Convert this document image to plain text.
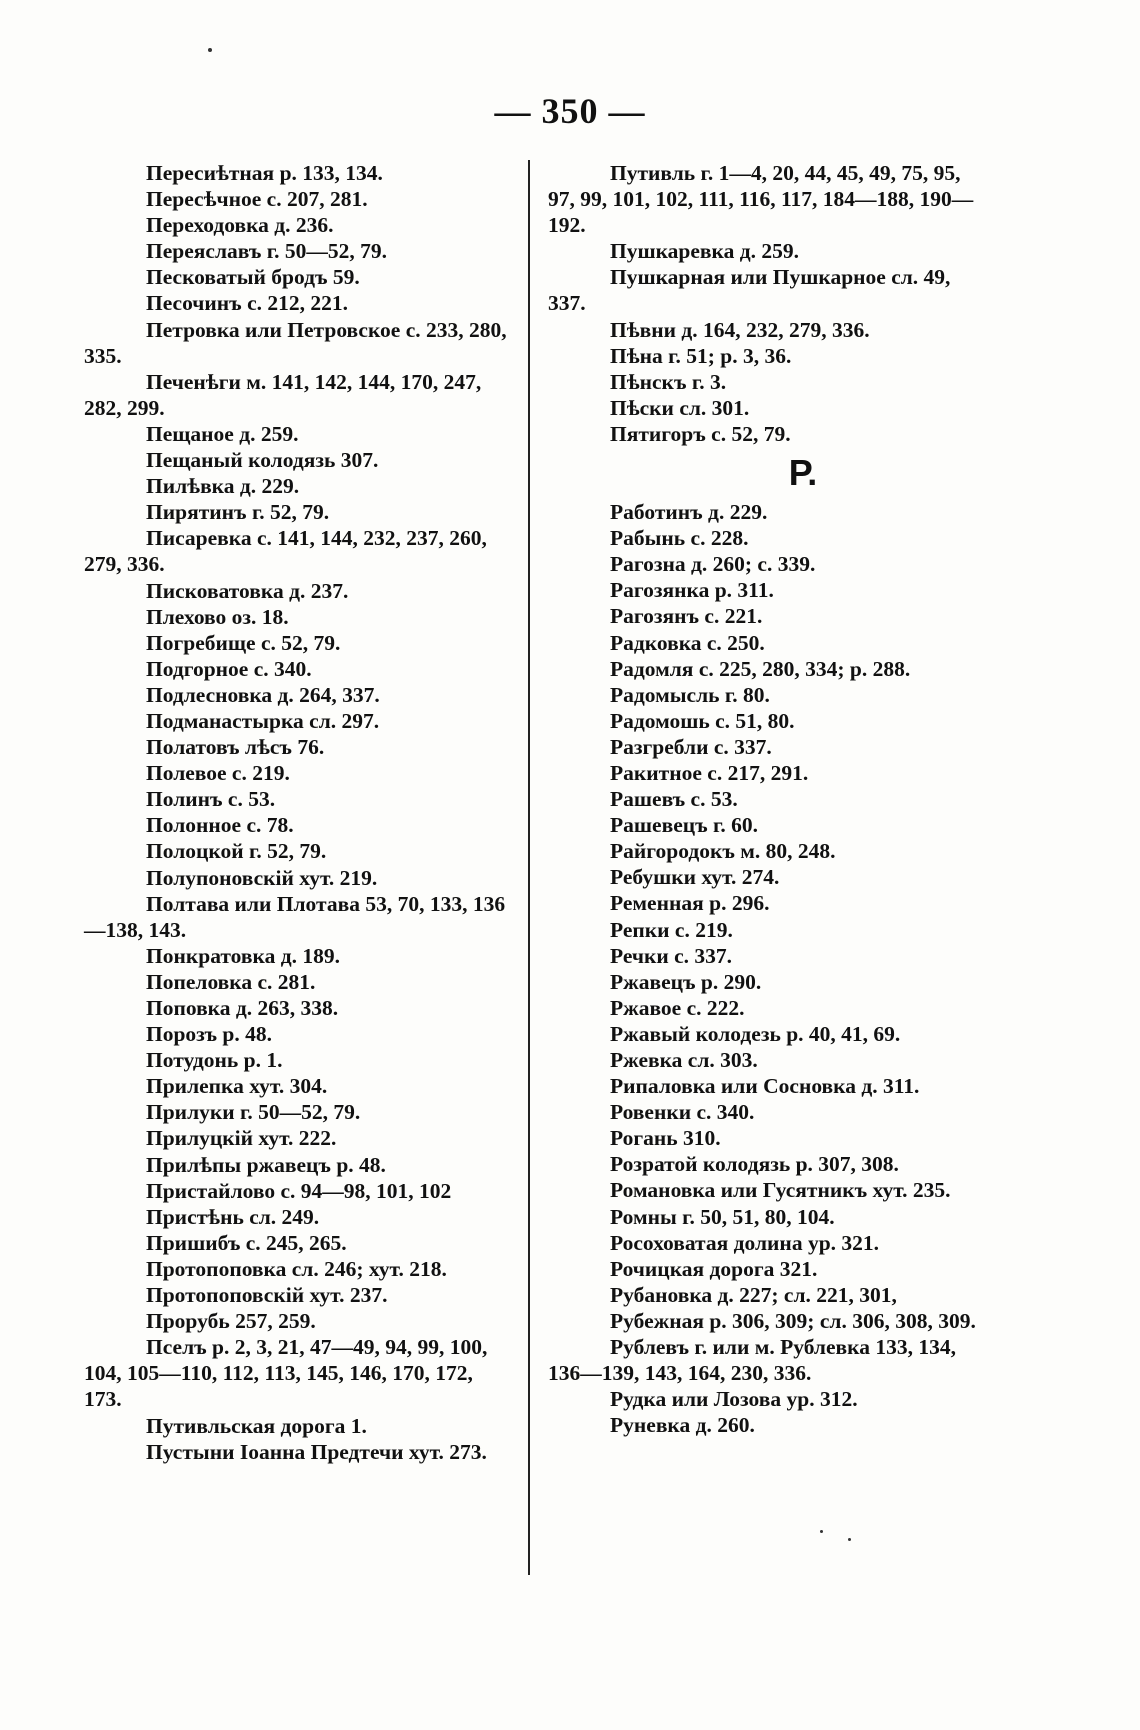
— 350 —

Пересиѣтная р. 133, 134.

Пересѣчное с. 207, 281.

Переходовка д. 236.

Переяславъ г. 50—52, 79.

Песковатый бродъ 59.

Песочинъ с. 212, 221.

Петровка или Петровское с. 233, 280, 335.

Печенѣги м. 141, 142, 144, 170, 247, 282, 299.

Пещаное д. 259.

Пещаный колодязь 307.

Пилѣвка д. 229.

Пирятинъ г. 52, 79.

Писаревка с. 141, 144, 232, 237, 260, 279, 336.

Писковатовка д. 237.

Плехово оз. 18.

Погребище с. 52, 79.

Подгорное с. 340.

Подлесновка д. 264, 337.

Подманастырка сл. 297.

Полатовъ лѣсъ 76.

Полевое с. 219.

Полинъ с. 53.

Полонное с. 78.

Полоцкой г. 52, 79.

Полупоновскій хут. 219.

Полтава или Плотава 53, 70, 133, 136—138, 143.

Понкратовка д. 189.

Попеловка с. 281.

Поповка д. 263, 338.

Порозъ р. 48.

Потудонь р. 1.

Прилепка хут. 304.

Прилуки г. 50—52, 79.

Прилуцкій хут. 222.

Прилѣпы ржавецъ р. 48.

Пристайлово с. 94—98, 101, 102

Пристѣнь сл. 249.

Пришибъ с. 245, 265.

Протопоповка сл. 246; хут. 218.

Протопоповскій хут. 237.

Прорубь 257, 259.

Пселъ р. 2, 3, 21, 47—49, 94, 99, 100, 104, 105—110, 112, 113, 145, 146, 170, 172, 173.

Путивльская дорога 1.

Пустыни Іоанна Предтечи хут. 273.

Путивль г. 1—4, 20, 44, 45, 49, 75, 95, 97, 99, 101, 102, 111, 116, 117, 184—188, 190—192.

Пушкаревка д. 259.

Пушкарная или Пушкарное сл. 49, 337.

Пѣвни д. 164, 232, 279, 336.

Пѣна г. 51; р. 3, 36.

Пѣнскъ г. 3.

Пѣски сл. 301.

Пятигоръ с. 52, 79.

Р.

Работинъ д. 229.

Рабынь с. 228.

Рагозна д. 260; с. 339.

Рагозянка р. 311.

Рагозянъ с. 221.

Радковка с. 250.

Радомля с. 225, 280, 334; р. 288.

Радомысль г. 80.

Радомошь с. 51, 80.

Разгребли с. 337.

Ракитное с. 217, 291.

Рашевъ с. 53.

Рашевецъ г. 60.

Райгородокъ м. 80, 248.

Ребушки хут. 274.

Ременная р. 296.

Репки с. 219.

Речки с. 337.

Ржавецъ р. 290.

Ржавое с. 222.

Ржавый колодезь р. 40, 41, 69.

Ржевка сл. 303.

Рипаловка или Сосновка д. 311.

Ровенки с. 340.

Рогань 310.

Розратой колодязь р. 307, 308.

Романовка или Гусятникъ хут. 235.

Ромны г. 50, 51, 80, 104.

Росоховатая долина ур. 321.

Рочицкая дорога 321.

Рубановка д. 227; сл. 221, 301,

Рубежная р. 306, 309; сл. 306, 308, 309.

Рублевъ г. или м. Рублевка 133, 134, 136—139, 143, 164, 230, 336.

Рудка или Лозова ур. 312.

Руневка д. 260.
